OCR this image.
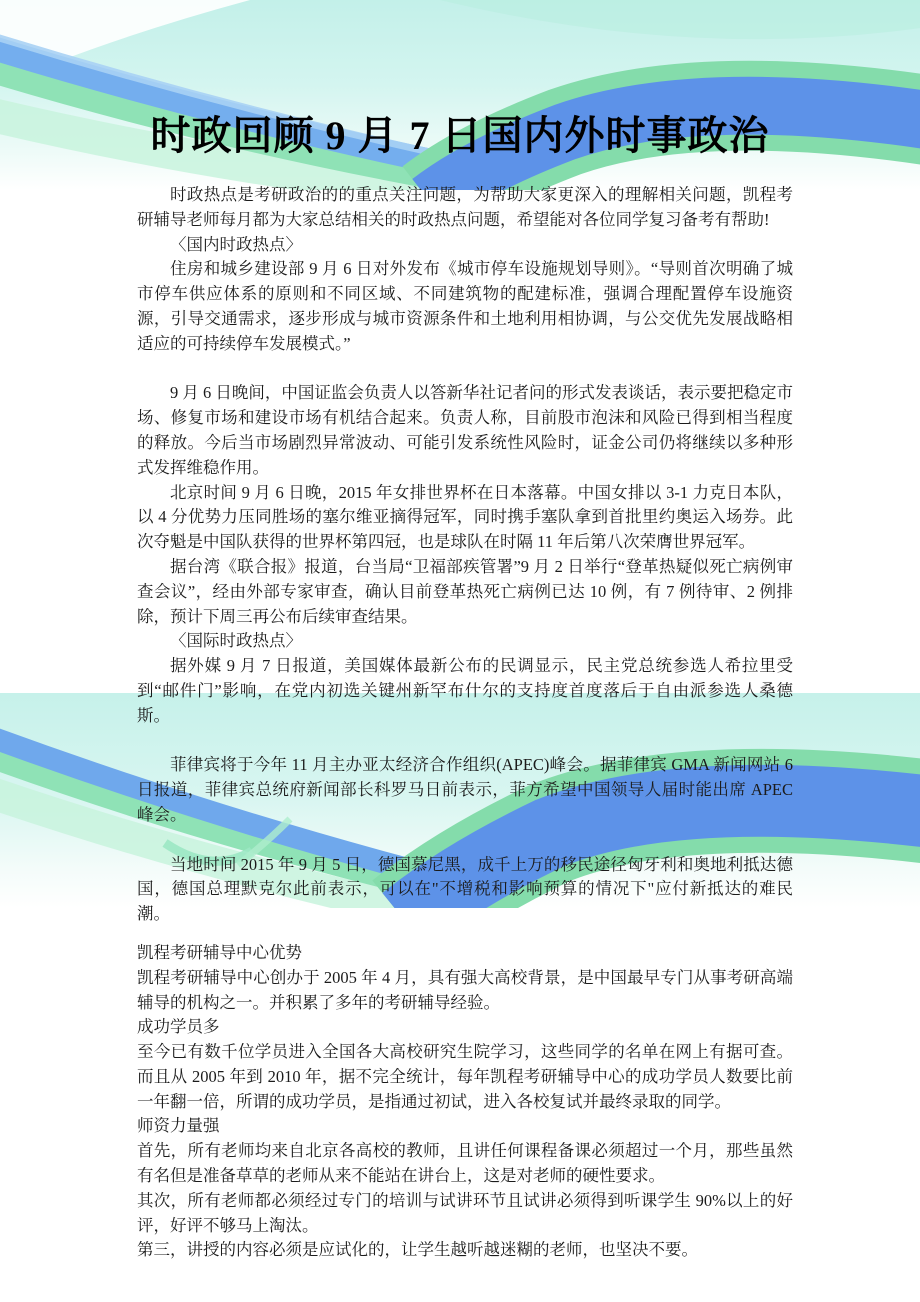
时政回顾 9 月 7 日国内外时事政治
时政热点是考研政治的的重点关注问题，为帮助大家更深入的理解相关问题，凯程考研辅导老师每月都为大家总结相关的时政热点问题，希望能对各位同学复习备考有帮助!
〈国内时政热点〉
住房和城乡建设部 9 月 6 日对外发布《城市停车设施规划导则》。“导则首次明确了城市停车供应体系的原则和不同区域、不同建筑物的配建标准，强调合理配置停车设施资源，引导交通需求，逐步形成与城市资源条件和土地利用相协调，与公交优先发展战略相适应的可持续停车发展模式。”
9 月 6 日晚间，中国证监会负责人以答新华社记者问的形式发表谈话，表示要把稳定市场、修复市场和建设市场有机结合起来。负责人称，目前股市泡沫和风险已得到相当程度的释放。今后当市场剧烈异常波动、可能引发系统性风险时，证金公司仍将继续以多种形式发挥维稳作用。
北京时间 9 月 6 日晚，2015 年女排世界杯在日本落幕。中国女排以 3-1 力克日本队，以 4 分优势力压同胜场的塞尔维亚摘得冠军，同时携手塞队拿到首批里约奥运入场券。此次夺魁是中国队获得的世界杯第四冠，也是球队在时隔 11 年后第八次荣膺世界冠军。
据台湾《联合报》报道，台当局“卫福部疾管署”9 月 2 日举行“登革热疑似死亡病例审查会议”，经由外部专家审查，确认目前登革热死亡病例已达 10 例，有 7 例待审、2 例排除，预计下周三再公布后续审查结果。
〈国际时政热点〉
据外媒 9 月 7 日报道，美国媒体最新公布的民调显示，民主党总统参选人希拉里受到“邮件门”影响，在党内初选关键州新罕布什尔的支持度首度落后于自由派参选人桑德斯。
菲律宾将于今年 11 月主办亚太经济合作组织(APEC)峰会。据菲律宾 GMA 新闻网站 6 日报道，菲律宾总统府新闻部长科罗马日前表示，菲方希望中国领导人届时能出席 APEC 峰会。
当地时间 2015 年 9 月 5 日，德国慕尼黑，成千上万的移民途径匈牙利和奥地利抵达德国，德国总理默克尔此前表示，可以在"不增税和影响预算的情况下"应付新抵达的难民潮。
凯程考研辅导中心优势
凯程考研辅导中心创办于 2005 年 4 月，具有强大高校背景，是中国最早专门从事考研高端辅导的机构之一。并积累了多年的考研辅导经验。
成功学员多
至今已有数千位学员进入全国各大高校研究生院学习，这些同学的名单在网上有据可查。而且从 2005 年到 2010 年，据不完全统计，每年凯程考研辅导中心的成功学员人数要比前一年翻一倍，所谓的成功学员，是指通过初试，进入各校复试并最终录取的同学。
师资力量强
首先，所有老师均来自北京各高校的教师，且讲任何课程备课必须超过一个月，那些虽然有名但是准备草草的老师从来不能站在讲台上，这是对老师的硬性要求。
其次，所有老师都必须经过专门的培训与试讲环节且试讲必须得到听课学生 90%以上的好评，好评不够马上淘汰。
第三，讲授的内容必须是应试化的，让学生越听越迷糊的老师，也坚决不要。
